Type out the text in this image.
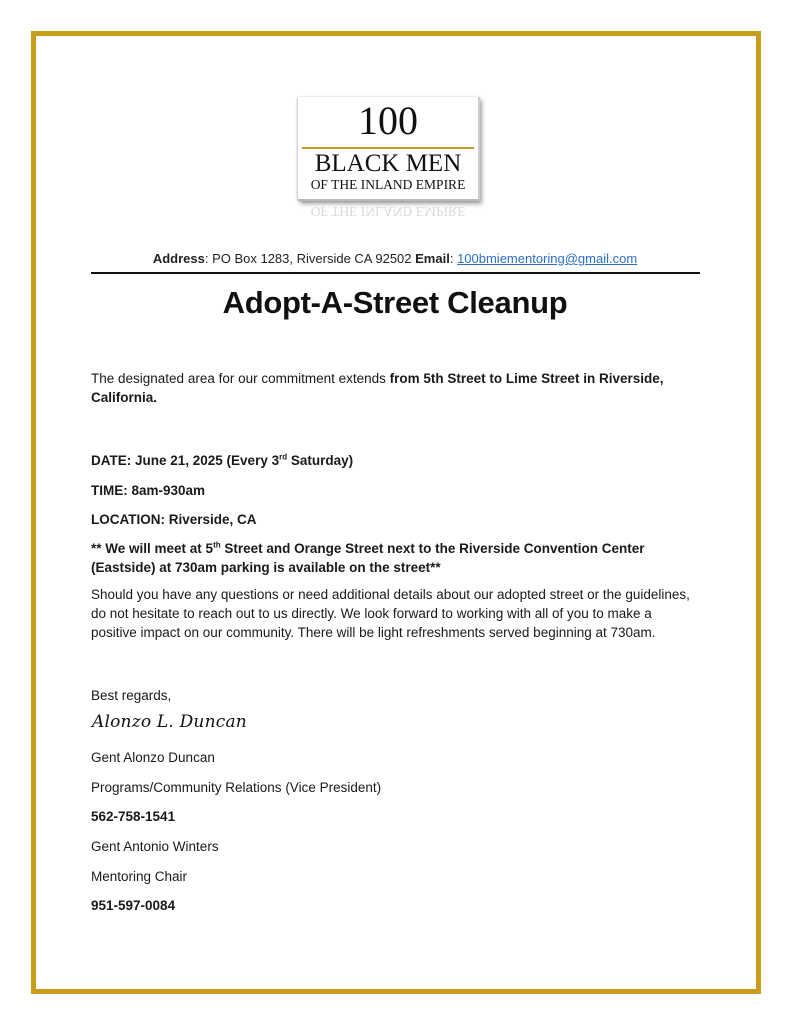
100
BLACK MEN
OF THE INLAND EMPIRE
OF THE INLAND EMPIRE
Address: PO Box 1283, Riverside CA 92502 Email: 100bmiementoring@gmail.com
Adopt-A-Street Cleanup
The designated area for our commitment extends from 5th Street to Lime Street in Riverside, California.
DATE: June 21, 2025 (Every 3rd Saturday)
TIME: 8am-930am
LOCATION: Riverside, CA
** We will meet at 5th Street and Orange Street next to the Riverside Convention Center (Eastside) at 730am parking is available on the street**
Should you have any questions or need additional details about our adopted street or the guidelines, do not hesitate to reach out to us directly. We look forward to working with all of you to make a positive impact on our community. There will be light refreshments served beginning at 730am.
Best regards,
Alonzo L. Duncan
Gent Alonzo Duncan
Programs/Community Relations (Vice President)
562-758-1541
Gent Antonio Winters
Mentoring Chair
951-597-0084
